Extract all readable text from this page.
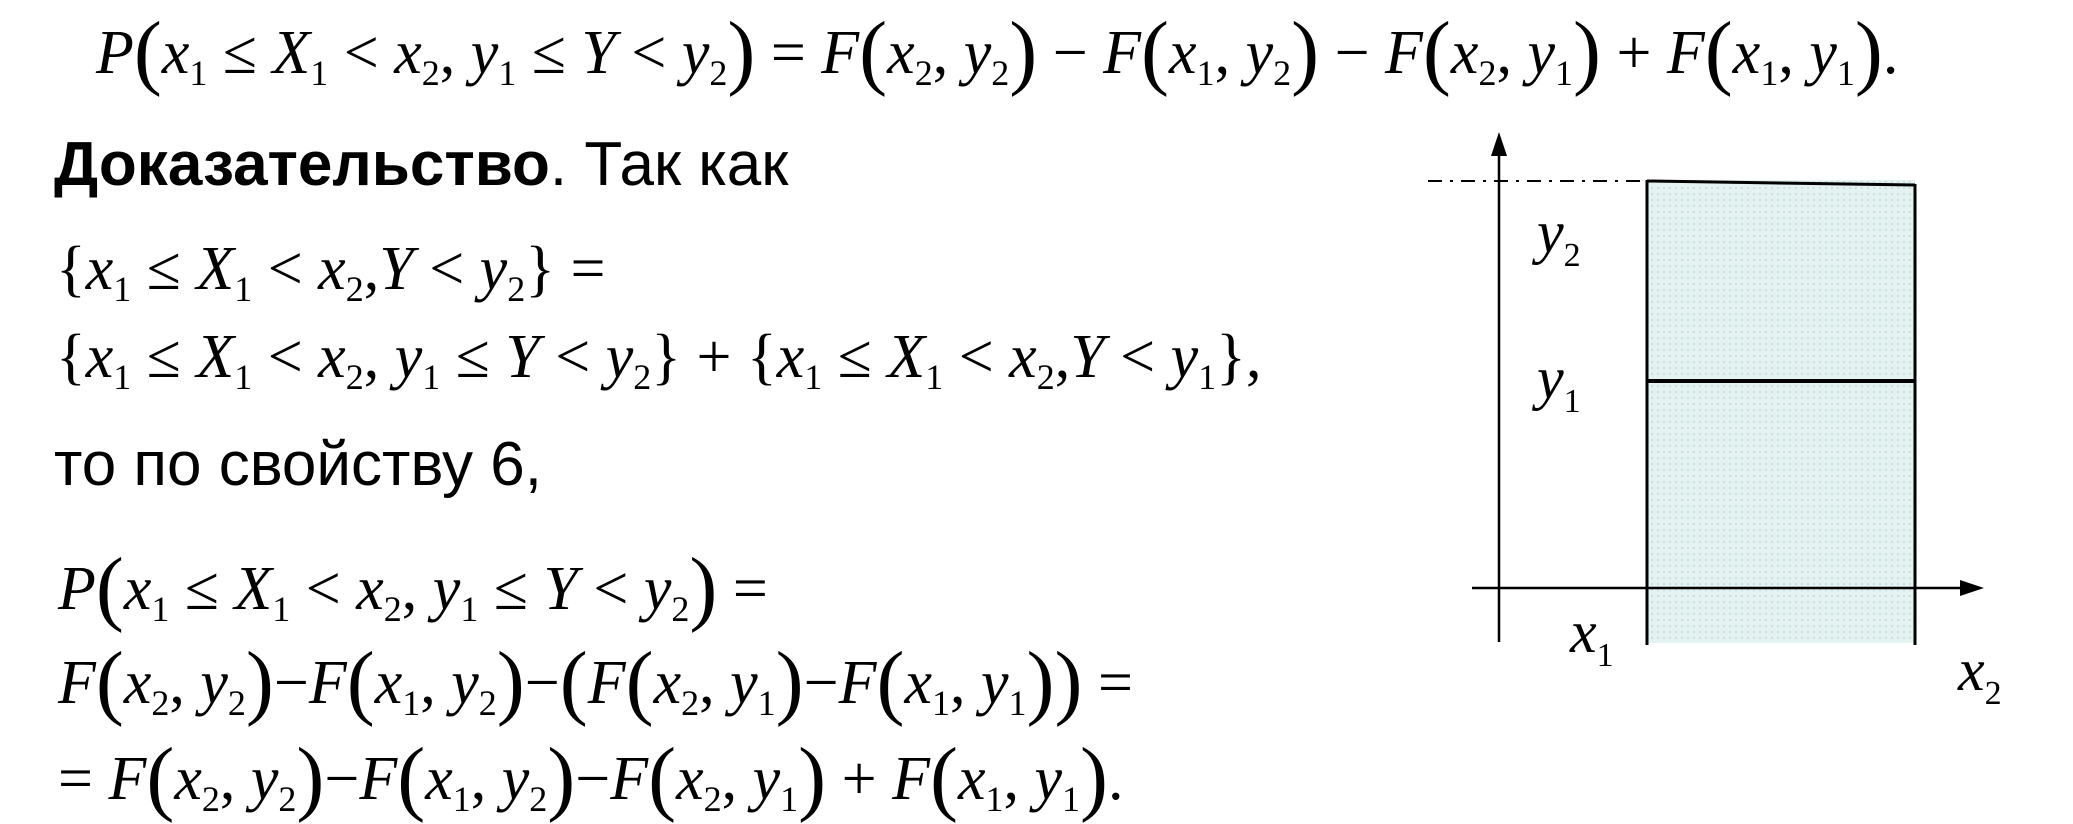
$P(x_1 \le X_1 < x_2$, $y_1 \le Y < y_2) = F(x_2$, $y_2) - F(x_1$, $y_2) - F(x_2$, $y_1) + F(x_1$, $y_1$).
Доказательство. Так как
$\{x_1 \le X_1 < x_2,Y < y_2\}$ =
{$x_1 \le X_1 < x_2$, $y_1 \le Y < y_2\} + \{x_1 \le X_1 < x_2,Y < y_1\}$,
то по свойству 6,
$P(x_1 \le X_1 < x_2$, $y_1 \le Y < y_2$) =
$F(x_2$, $y_2)-F(x_1$, $y_2)-(F(x_2$, $y_1)-F(x_1$, $y_1$)) =
= $F(x_2$, $y_2)-F(x_1$, $y_2)-F(x_2$, $y_1) + F(x_1$, $y_1$).
$y_2$
$y_1$
$x_1$	$x_2$
